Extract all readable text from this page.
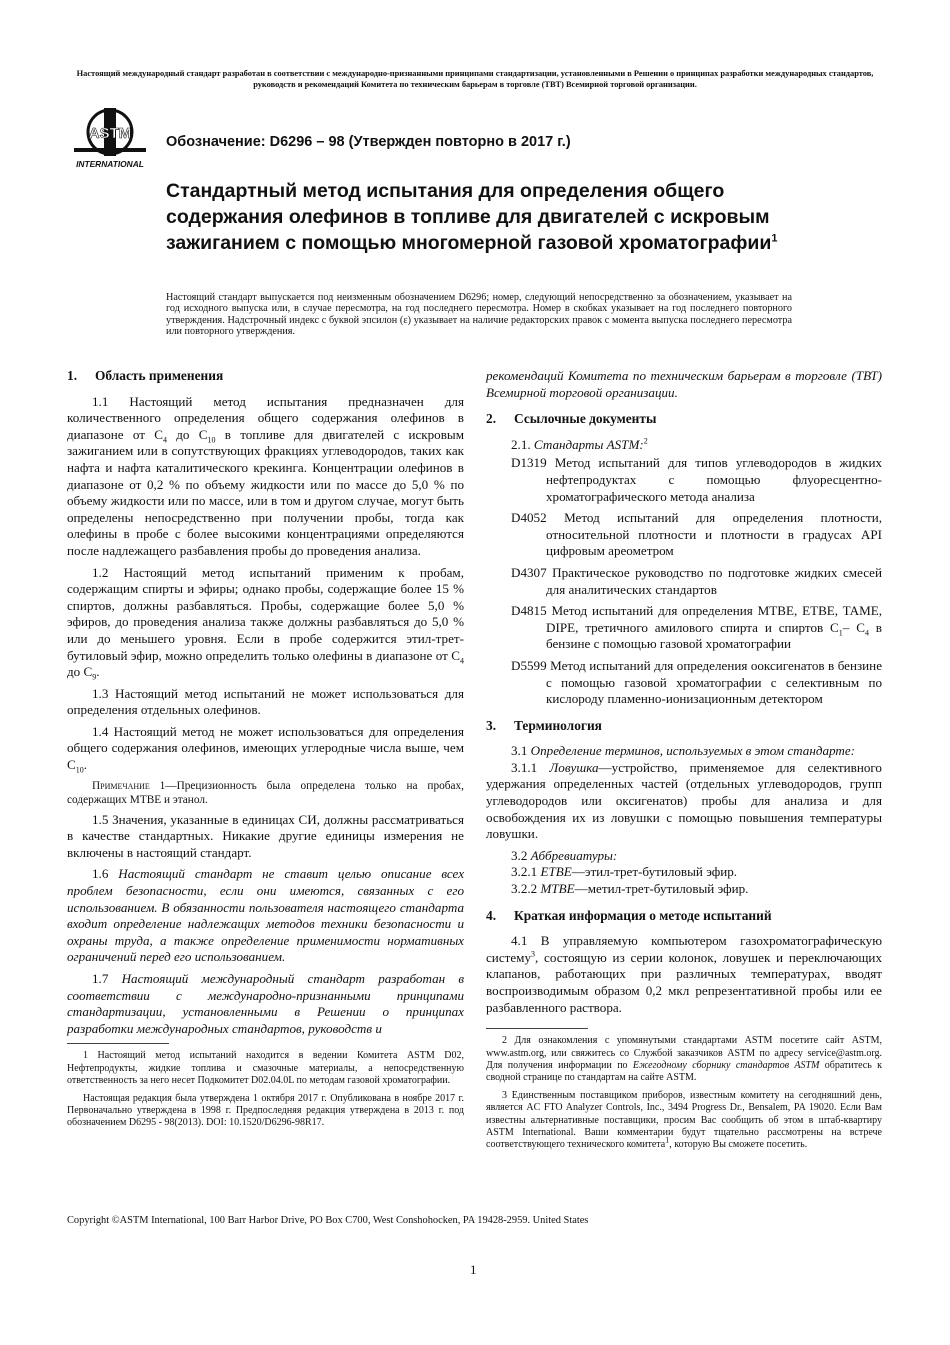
Настоящий международный стандарт разработан в соответствии с международно-признанными принципами стандартизации, установленными в Решении о принципах разработки международных стандартов, руководств и рекомендаций Комитета по техническим барьерам в торговле (ТВТ) Всемирной торговой организации.
ASTM
INTERNATIONAL
Обозначение: D6296 – 98 (Утвержден повторно в 2017 г.)
Стандартный метод испытания для определения общего содержания олефинов в топливе для двигателей с искровым зажиганием с помощью многомерной газовой хроматографии$^1$
Настоящий стандарт выпускается под неизменным обозначением D6296; номер, следующий непосредственно за обозначением, указывает на год исходного выпуска или, в случае пересмотра, на год последнего пересмотра. Номер в скобках указывает на год последнего повторного утверждения. Надстрочный индекс с буквой эпсилон (ε) указывает на наличие редакторских правок с момента выпуска последнего пересмотра или повторного утверждения.
1. Область применения

1.1 Настоящий метод испытания предназначен для количественного определения общего содержания олефинов в диапазоне от $C_4$ до $C_{10}$ в топливе для двигателей с искровым зажиганием или в сопутствующих фракциях углеводородов, таких как нафта и нафта каталитического крекинга. Концентрации олефинов в диапазоне от 0,2 % по объему жидкости или по массе до 5,0 % по объему жидкости или по массе, или в том и другом случае, могут быть определены непосредственно при получении пробы, тогда как олефины в пробе с более высокими концентрациями определяются после надлежащего разбавления пробы до проведения анализа.

1.2 Настоящий метод испытаний применим к пробам, содержащим спирты и эфиры; однако пробы, содержащие более 15 % спиртов, должны разбавляться. Пробы, содержащие более 5,0 % эфиров, до проведения анализа также должны разбавляться до 5,0 % или до меньшего уровня. Если в пробе содержится этил-трет-бутиловый эфир, можно определить только олефины в диапазоне от $C_4$ до $C_9$.

1.3 Настоящий метод испытаний не может использоваться для определения отдельных олефинов.

1.4 Настоящий метод не может использоваться для определения общего содержания олефинов, имеющих углеродные числа выше, чем $C_{10}$.

Примечание 1—Прецизионность была определена только на пробах, содержащих MTBE и этанол.

1.5 Значения, указанные в единицах СИ, должны рассматриваться в качестве стандартных. Никакие другие единицы измерения не включены в настоящий стандарт.

1.6 Настоящий стандарт не ставит целью описание всех проблем безопасности, если они имеются, связанных с его использованием. В обязанности пользователя настоящего стандарта входит определение надлежащих методов техники безопасности и охраны труда, а также определение применимости нормативных ограничений перед его использованием.

1.7 Настоящий международный стандарт разработан в соответствии с международно-признанными принципами стандартизации, установленными в Решении о принципах разработки международных стандартов, руководств и

1 Настоящий метод испытаний находится в ведении Комитета ASTM D02, Нефтепродукты, жидкие топлива и смазочные материалы, а непосредственную ответственность за него несет Подкомитет D02.04.0L по методам газовой хроматографии.

Настоящая редакция была утверждена 1 октября 2017 г. Опубликована в ноябре 2017 г. Первоначально утверждена в 1998 г. Предпоследняя редакция утверждена в 2013 г. под обозначением D6295 - 98(2013). DOI: 10.1520/D6296-98R17.

рекомендаций Комитета по техническим барьерам в торговле (ТВТ) Всемирной торговой организации.

2. Ссылочные документы

2.1. Стандарты ASTM:$^2$

D1319 Метод испытаний для типов углеводородов в жидких нефтепродуктах с помощью флуоресцентно-хроматографического метода анализа

D4052 Метод испытаний для определения плотности, относительной плотности и плотности в градусах API цифровым ареометром

D4307 Практическое руководство по подготовке жидких смесей для аналитических стандартов

D4815 Метод испытаний для определения MTBE, ETBE, TAME, DIPE, третичного амилового спирта и спиртов $C_1-$ $C_4$ в бензине с помощью газовой хроматографии

D5599 Метод испытаний для определения ооксигенатов в бензине с помощью газовой хроматографии с селективным по кислороду пламенно-ионизационным детектором

3. Терминология

3.1 Определение терминов, используемых в этом стандарте:

3.1.1 Ловушка—устройство, применяемое для селективного удержания определенных частей (отдельных углеводородов, групп углеводородов или оксигенатов) пробы для анализа и для освобождения их из ловушки с помощью повышения температуры ловушки.

3.2 Аббревиатуры:

3.2.1 ETBE—этил-трет-бутиловый эфир.

3.2.2 MTBE—метил-трет-бутиловый эфир.

4. Краткая информация о методе испытаний

4.1 В управляемую компьютером газохроматографическую систему$^3$, состоящую из серии колонок, ловушек и переключающих клапанов, работающих при различных температурах, вводят воспроизводимым образом 0,2 мкл репрезентативной пробы или ее разбавленного раствора.

2 Для ознакомления с упомянутыми стандартами ASTM посетите сайт ASTM, www.astm.org, или свяжитесь со Службой заказчиков ASTM по адресу service@astm.org. Для получения информации по Ежегодному сборнику стандартов ASTM обратитесь к сводной странице по стандартам на сайте ASTM.

3 Единственным поставщиком приборов, известным комитету на сегодняшний день, является AC FTO Analyzer Controls, Inc., 3494 Progress Dr., Bensalem, PA 19020. Если Вам известны альтернативные поставщики, просим Вас сообщить об этом в штаб-квартиру ASTM International. Ваши комментарии будут тщательно рассмотрены на встрече соответствующего технического комитета$^1$, которую Вы сможете посетить.

Copyright ©ASTM International, 100 Barr Harbor Drive, PO Box C700, West Conshohocken, PA 19428-2959. United States
1
